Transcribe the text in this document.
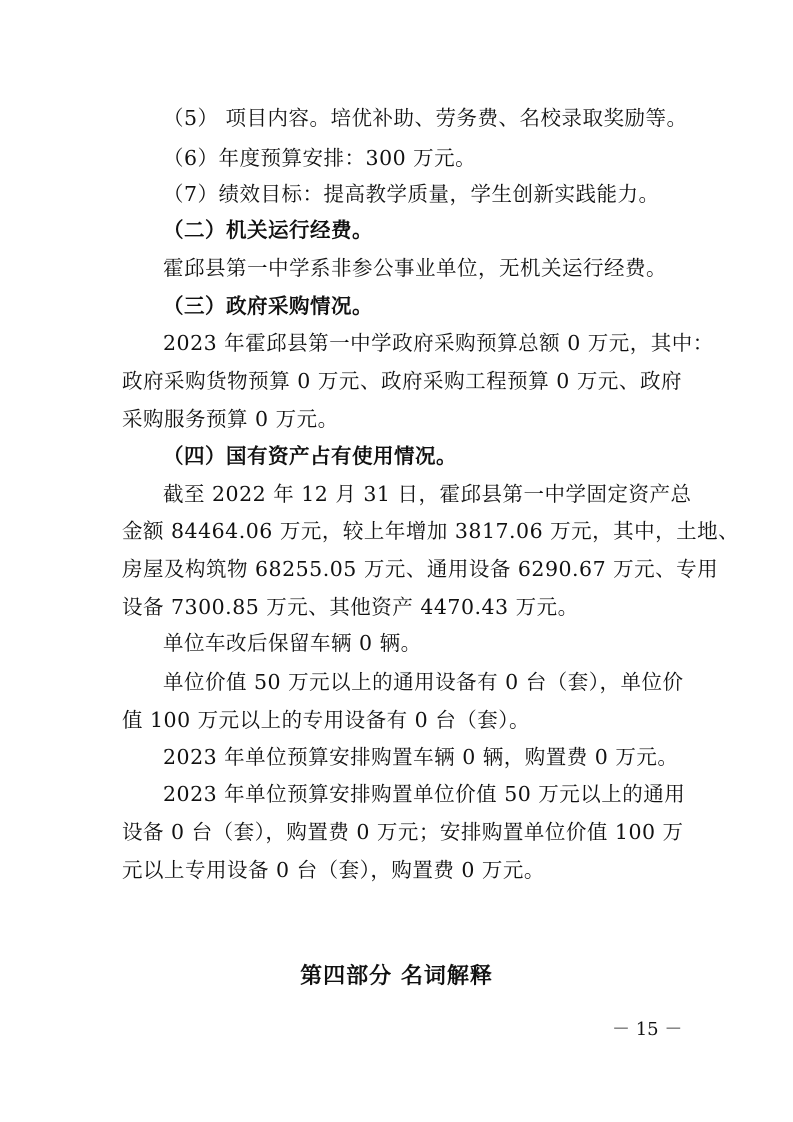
（5） 项目内容。培优补助、劳务费、名校录取奖励等。
（6）年度预算安排：300 万元。
（7）绩效目标：提高教学质量，学生创新实践能力。
（二）机关运行经费。
霍邱县第一中学系非参公事业单位，无机关运行经费。
（三）政府采购情况。
2023 年霍邱县第一中学政府采购预算总额 0 万元，其中：
政府采购货物预算 0 万元、政府采购工程预算 0 万元、政府
采购服务预算 0 万元。
（四）国有资产占有使用情况。
截至 2022 年 12 月 31 日，霍邱县第一中学固定资产总
金额 84464.06 万元，较上年增加 3817.06 万元，其中，土地、
房屋及构筑物 68255.05 万元、通用设备 6290.67 万元、专用
设备 7300.85 万元、其他资产 4470.43 万元。
单位车改后保留车辆 0 辆。
单位价值 50 万元以上的通用设备有 0 台（套），单位价
值 100 万元以上的专用设备有 0 台（套）。
2023 年单位预算安排购置车辆 0 辆，购置费 0 万元。
2023 年单位预算安排购置单位价值 50 万元以上的通用
设备 0 台（套），购置费 0 万元；安排购置单位价值 100 万
元以上专用设备 0 台（套），购置费 0 万元。
第四部分 名词解释
－ 15 －
